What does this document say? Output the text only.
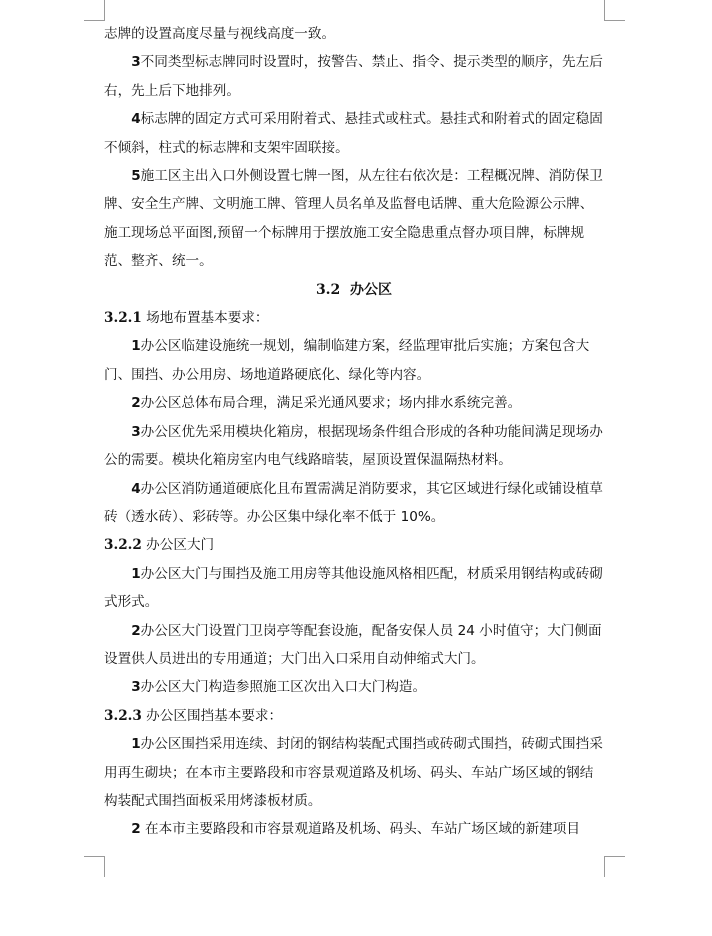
志牌的设置高度尽量与视线高度一致。

3不同类型标志牌同时设置时，按警告、禁止、指令、提示类型的顺序，先左后右，先上后下地排列。

4标志牌的固定方式可采用附着式、悬挂式或柱式。悬挂式和附着式的固定稳固不倾斜，柱式的标志牌和支架牢固联接。

5施工区主出入口外侧设置七牌一图，从左往右依次是：工程概况牌、消防保卫牌、安全生产牌、文明施工牌、管理人员名单及监督电话牌、重大危险源公示牌、施工现场总平面图,预留一个标牌用于摆放施工安全隐患重点督办项目牌，标牌规范、整齐、统一。

3.2  办公区

3.2.1 场地布置基本要求：

1办公区临建设施统一规划，编制临建方案，经监理审批后实施；方案包含大门、围挡、办公用房、场地道路硬底化、绿化等内容。

2办公区总体布局合理，满足采光通风要求；场内排水系统完善。

3办公区优先采用模块化箱房，根据现场条件组合形成的各种功能间满足现场办公的需要。模块化箱房室内电气线路暗装，屋顶设置保温隔热材料。

4办公区消防通道硬底化且布置需满足消防要求，其它区域进行绿化或铺设植草砖（透水砖）、彩砖等。办公区集中绿化率不低于 10%。

3.2.2 办公区大门

1办公区大门与围挡及施工用房等其他设施风格相匹配，材质采用钢结构或砖砌式形式。

2办公区大门设置门卫岗亭等配套设施，配备安保人员 24 小时值守；大门侧面设置供人员进出的专用通道；大门出入口采用自动伸缩式大门。

3办公区大门构造参照施工区次出入口大门构造。

3.2.3 办公区围挡基本要求：

1办公区围挡采用连续、封闭的钢结构装配式围挡或砖砌式围挡，砖砌式围挡采用再生砌块；在本市主要路段和市容景观道路及机场、码头、车站广场区域的钢结构装配式围挡面板采用烤漆板材质。

2 在本市主要路段和市容景观道路及机场、码头、车站广场区域的新建项目
